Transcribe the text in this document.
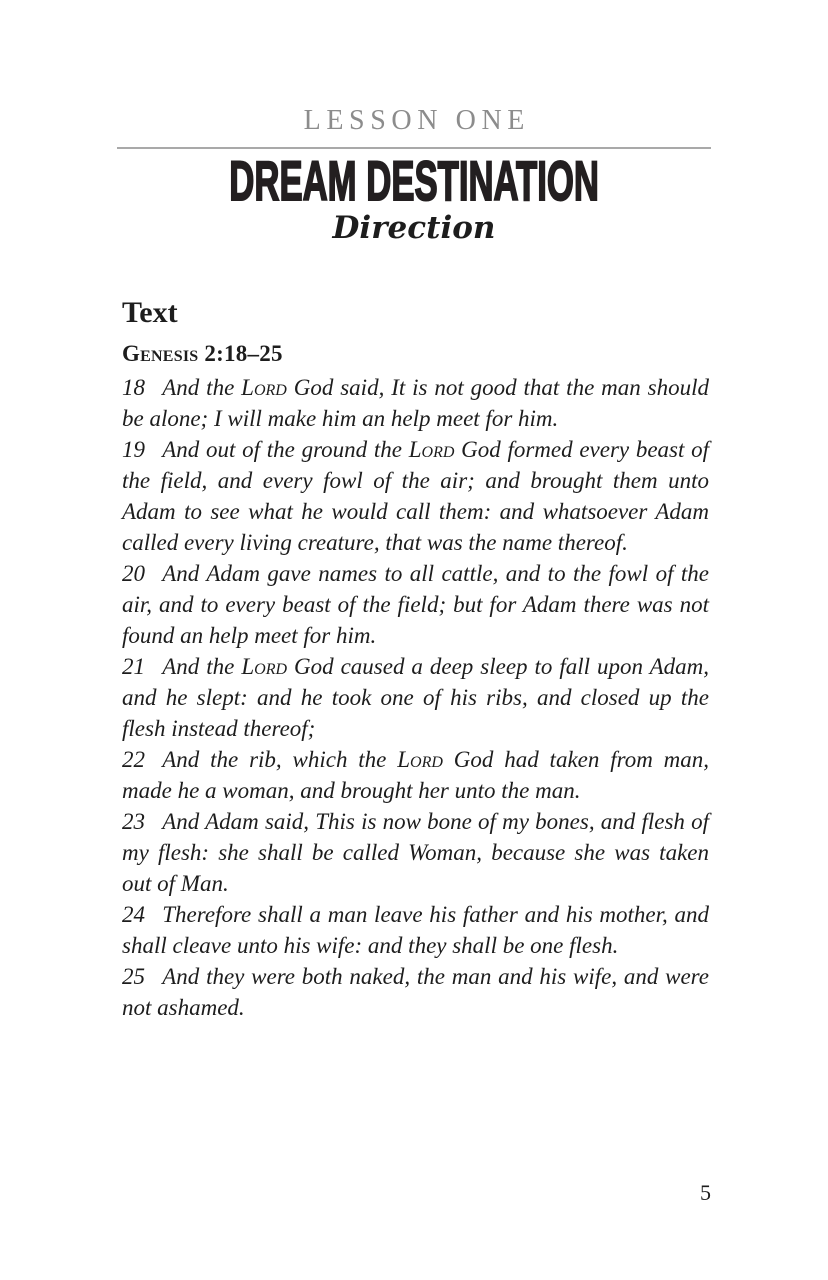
LESSON ONE
DREAM DESTINATION
Direction
Text
Genesis 2:18–25

18 And the Lord God said, It is not good that the man should be alone; I will make him an help meet for him.

19 And out of the ground the Lord God formed every beast of the field, and every fowl of the air; and brought them unto Adam to see what he would call them: and whatsoever Adam called every living creature, that was the name thereof.

20 And Adam gave names to all cattle, and to the fowl of the air, and to every beast of the field; but for Adam there was not found an help meet for him.

21 And the Lord God caused a deep sleep to fall upon Adam, and he slept: and he took one of his ribs, and closed up the flesh instead thereof;

22 And the rib, which the Lord God had taken from man, made he a woman, and brought her unto the man.

23 And Adam said, This is now bone of my bones, and flesh of my flesh: she shall be called Woman, because she was taken out of Man.

24 Therefore shall a man leave his father and his mother, and shall cleave unto his wife: and they shall be one flesh.

25 And they were both naked, the man and his wife, and were not ashamed.

5
